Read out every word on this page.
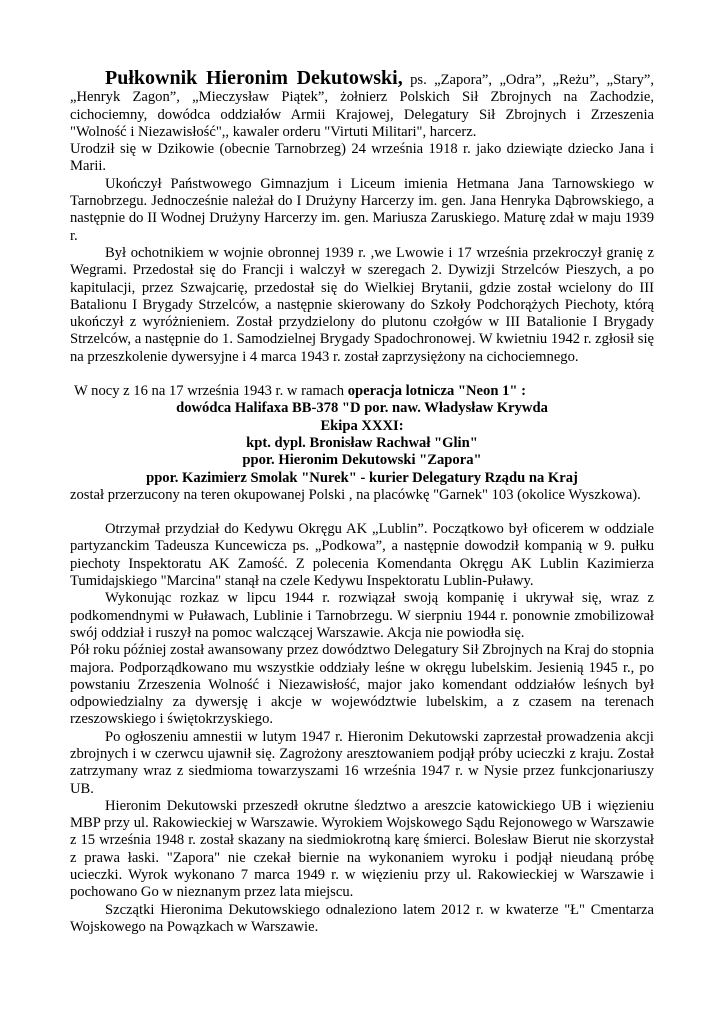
Pułkownik Hieronim Dekutowski, ps. „Zapora”, „Odra”, „Reżu”, „Stary”, „Henryk Zagon”, „Mieczysław Piątek”, żołnierz Polskich Sił Zbrojnych na Zachodzie, cichociemny, dowódca oddziałów Armii Krajowej, Delegatury Sił Zbrojnych i Zrzeszenia "Wolność i Niezawisłość",, kawaler orderu "Virtuti Militari", harcerz.

Urodził się w Dzikowie (obecnie Tarnobrzeg) 24 września 1918 r. jako dziewiąte dziecko Jana i Marii.

Ukończył Państwowego Gimnazjum i Liceum imienia Hetmana Jana Tarnowskiego w Tarnobrzegu. Jednocześnie należał do I Drużyny Harcerzy im. gen. Jana Henryka Dąbrowskiego, a następnie do II Wodnej Drużyny Harcerzy im. gen. Mariusza Zaruskiego. Maturę zdał w maju 1939 r.

Był ochotnikiem w wojnie obronnej 1939 r. ,we Lwowie i 17 września przekroczył granię z Wegrami. Przedostał się do Francji i walczył w szeregach 2. Dywizji Strzelców Pieszych, a po kapitulacji, przez Szwajcarię, przedostał się do Wielkiej Brytanii, gdzie został wcielony do III Batalionu I Brygady Strzelców, a następnie skierowany do Szkoły Podchorążych Piechoty, którą ukończył z wyróżnieniem. Został przydzielony do plutonu czołgów w III Batalionie I Brygady Strzelców, a następnie do 1. Samodzielnej Brygady Spadochronowej. W kwietniu 1942 r. zgłosił się na przeszkolenie dywersyjne i 4 marca 1943 r. został zaprzysiężony na cichociemnego.

W nocy z 16 na 17 września 1943 r. w ramach operacja lotnicza "Neon 1" :

dowódca Halifaxa BB-378 "D por. naw. Władysław Krywda

Ekipa XXXI:

kpt. dypl. Bronisław Rachwał "Glin"

ppor. Hieronim Dekutowski "Zapora"

ppor. Kazimierz Smolak "Nurek" - kurier Delegatury Rządu na Kraj

został przerzucony na teren okupowanej Polski , na placówkę "Garnek" 103 (okolice Wyszkowa).

Otrzymał przydział do Kedywu Okręgu AK „Lublin”. Początkowo był oficerem w oddziale partyzanckim Tadeusza Kuncewicza ps. „Podkowa”, a następnie dowodził kompanią w 9. pułku piechoty Inspektoratu AK Zamość. Z polecenia Komendanta Okręgu AK Lublin Kazimierza Tumidajskiego "Marcina" stanął na czele Kedywu Inspektoratu Lublin-Puławy.

Wykonując rozkaz w lipcu 1944 r. rozwiązał swoją kompanię i ukrywał się, wraz z podkomendnymi w Puławach, Lublinie i Tarnobrzegu. W sierpniu 1944 r. ponownie zmobilizował swój oddział i ruszył na pomoc walczącej Warszawie. Akcja nie powiodła się.

Pół roku później został awansowany przez dowództwo Delegatury Sił Zbrojnych na Kraj do stopnia majora. Podporządkowano mu wszystkie oddziały leśne w okręgu lubelskim. Jesienią 1945 r., po powstaniu Zrzeszenia Wolność i Niezawisłość, major jako komendant oddziałów leśnych był odpowiedzialny za dywersję i akcje w województwie lubelskim, a z czasem na terenach rzeszowskiego i świętokrzyskiego.

Po ogłoszeniu amnestii w lutym 1947 r. Hieronim Dekutowski zaprzestał prowadzenia akcji zbrojnych i w czerwcu ujawnił się. Zagrożony aresztowaniem podjął próby ucieczki z kraju. Został zatrzymany wraz z siedmioma towarzyszami 16 września 1947 r. w Nysie przez funkcjonariuszy UB.

Hieronim Dekutowski przeszedł okrutne śledztwo a areszcie katowickiego UB i więzieniu MBP przy ul. Rakowieckiej w Warszawie. Wyrokiem Wojskowego Sądu Rejonowego w Warszawie z 15 września 1948 r. został skazany na siedmiokrotną karę śmierci. Bolesław Bierut nie skorzystał z prawa łaski. "Zapora" nie czekał biernie na wykonaniem wyroku i podjął nieudaną próbę ucieczki. Wyrok wykonano 7 marca 1949 r. w więzieniu przy ul. Rakowieckiej w Warszawie i pochowano Go w nieznanym przez lata miejscu.

Szczątki Hieronima Dekutowskiego odnaleziono latem 2012 r. w kwaterze "Ł" Cmentarza Wojskowego na Powązkach w Warszawie.
